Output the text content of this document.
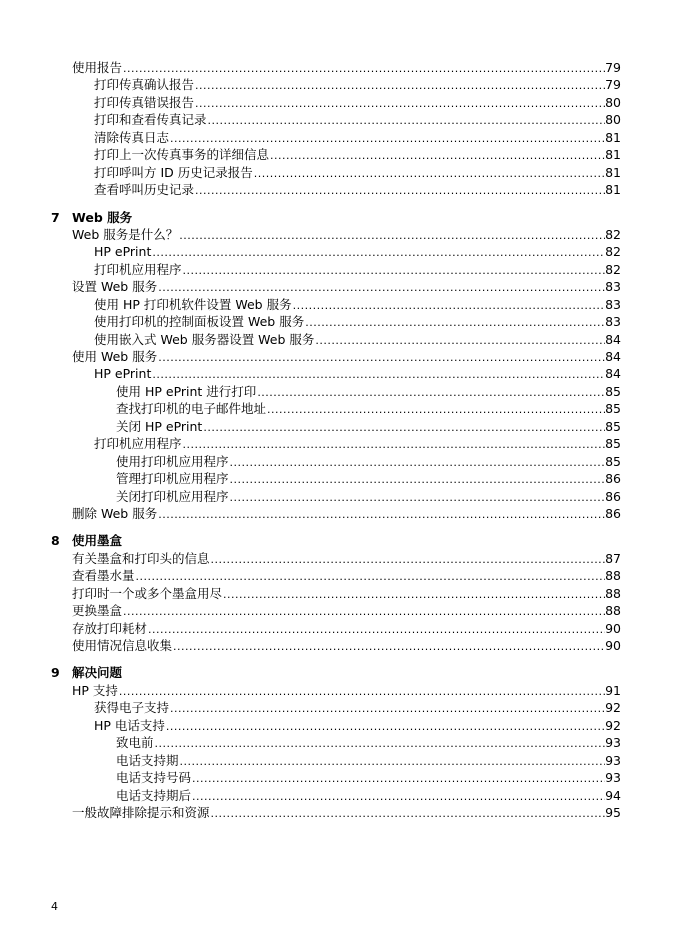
使用报告 .....	79
打印传真确认报告 .....	79
打印传真错误报告 .....	80
打印和查看传真记录 .....	80
清除传真日志 .....	81
打印上一次传真事务的详细信息 .....	81
打印呼叫方 ID 历史记录报告 .....	81
查看呼叫历史记录 .....	81
7 Web 服务
Web 服务是什么？ .....	82
HP ePrint .....	82
打印机应用程序 .....	82
设置 Web 服务 .....	83
使用 HP 打印机软件设置 Web 服务 .....	83
使用打印机的控制面板设置 Web 服务 .....	83
使用嵌入式 Web 服务器设置 Web 服务 .....	84
使用 Web 服务 .....	84
HP ePrint .....	84
使用 HP ePrint 进行打印 .....	85
查找打印机的电子邮件地址 .....	85
关闭 HP ePrint .....	85
打印机应用程序 .....	85
使用打印机应用程序 .....	85
管理打印机应用程序 .....	86
关闭打印机应用程序 .....	86
删除 Web 服务 .....	86
8 使用墨盒
有关墨盒和打印头的信息 .....	87
查看墨水量 .....	88
打印时一个或多个墨盒用尽 .....	88
更换墨盒 .....	88
存放打印耗材 .....	90
使用情况信息收集 .....	90
9 解决问题
HP 支持 .....	91
获得电子支持 .....	92
HP 电话支持 .....	92
致电前 .....	93
电话支持期 .....	93
电话支持号码 .....	93
电话支持期后 .....	94
一般故障排除提示和资源 .....	95
4
